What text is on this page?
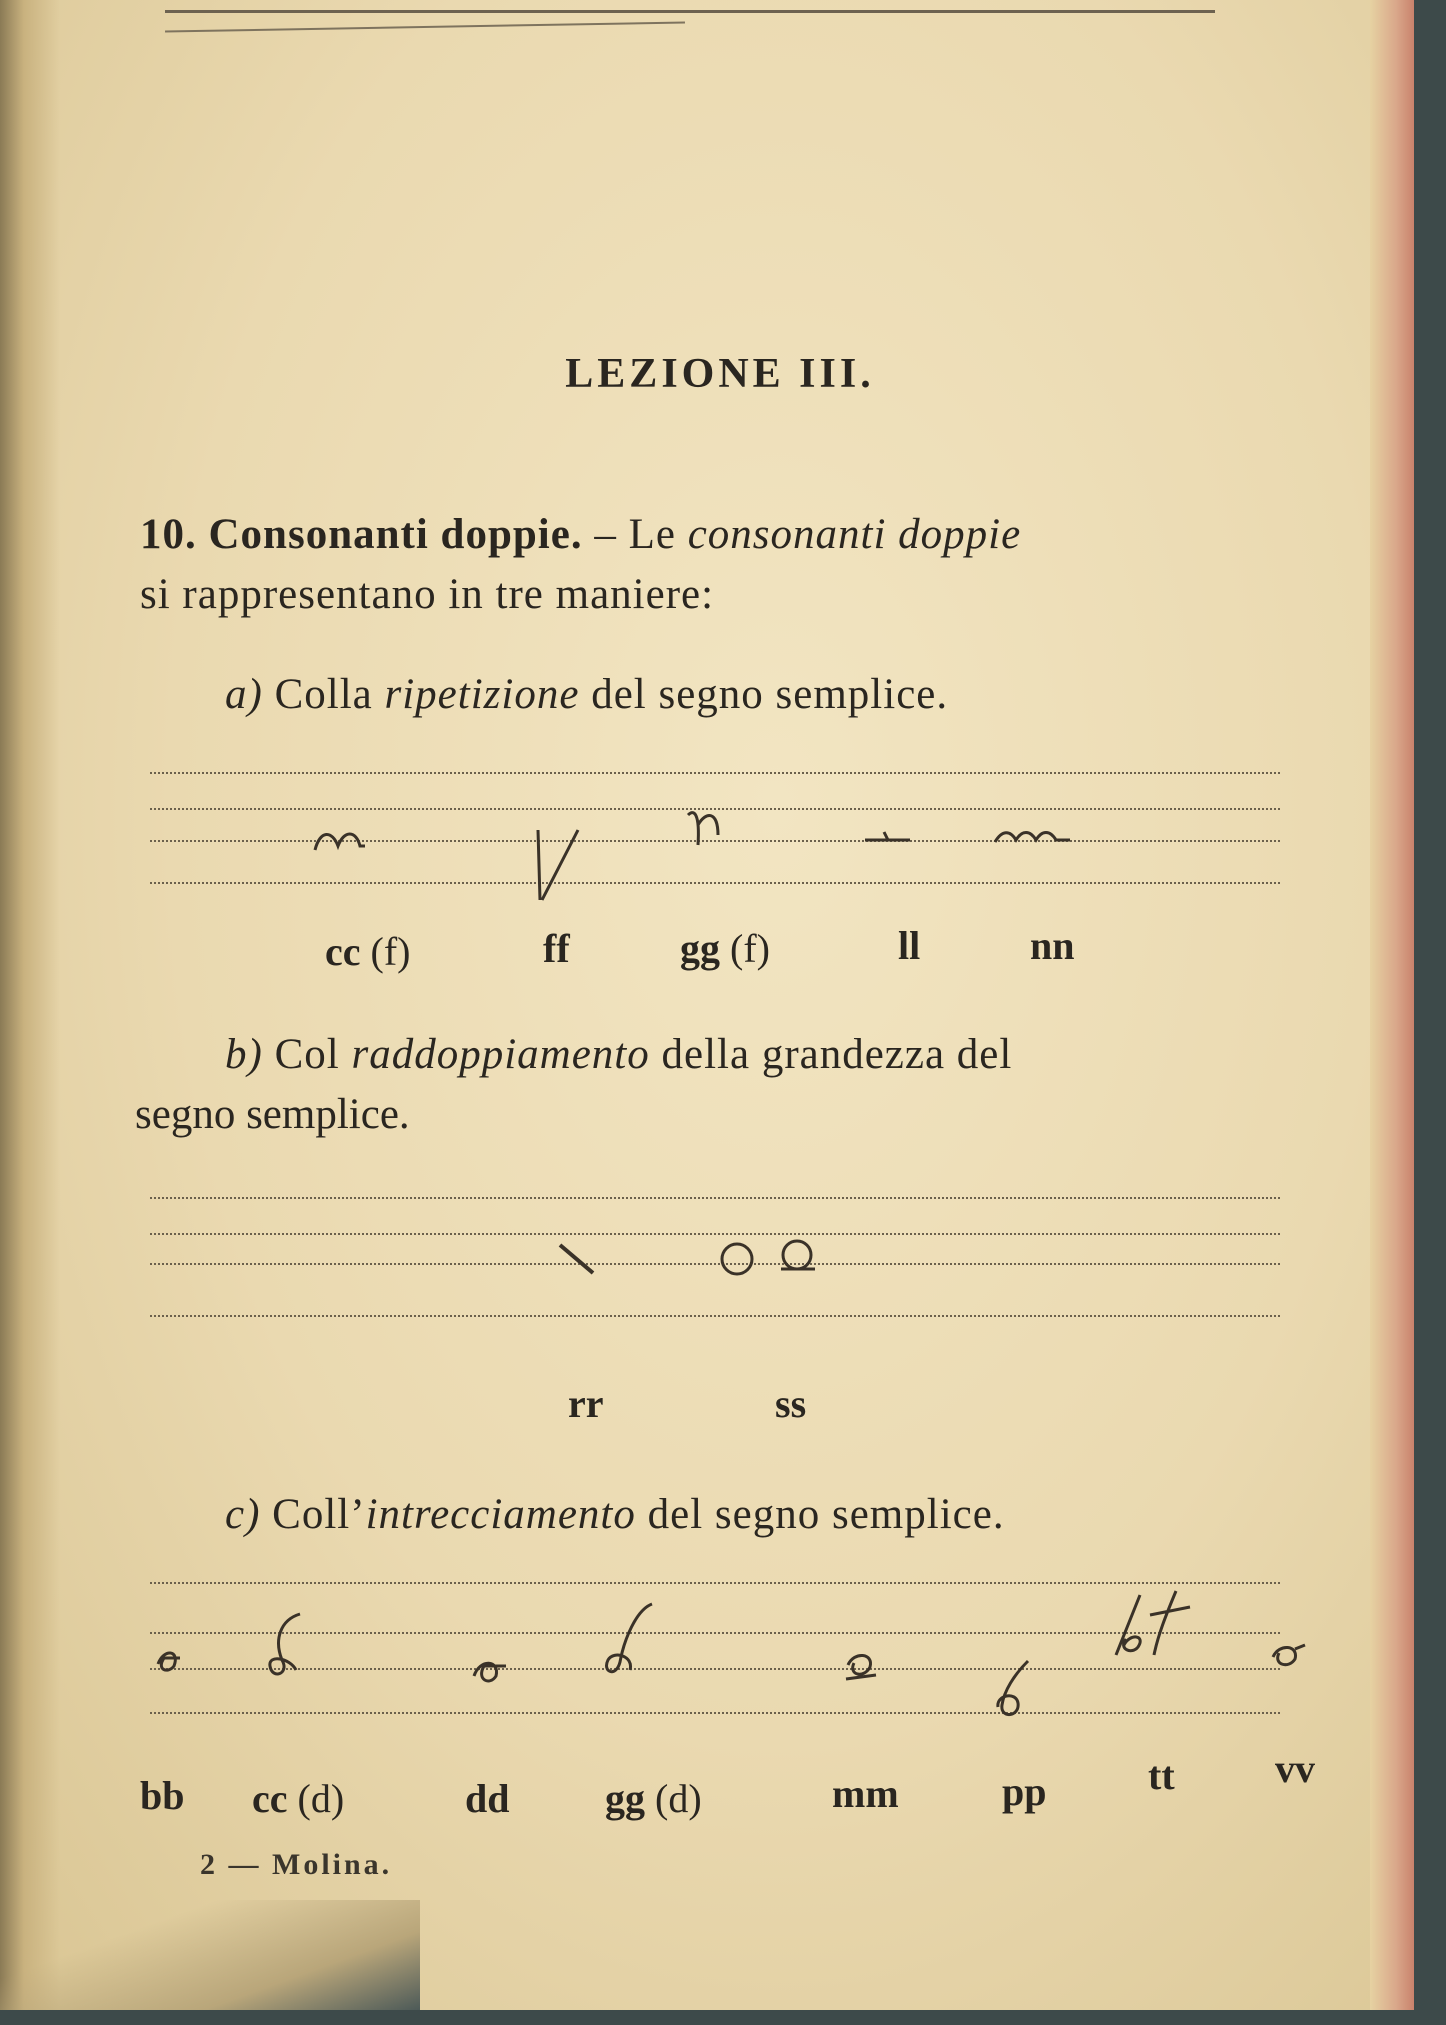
LEZIONE III.
10. Consonanti doppie. – Le consonanti doppie
si rappresentano in tre maniere:
a) Colla ripetizione del segno semplice.
cc (f)	ff	gg (f)	ll	nn
b) Col raddoppiamento della grandezza del
segno semplice.
rr	ss
c) Coll’intrecciamento del segno semplice.
bb cc (d)	dd gg (d)	mm	pp	tt	vv
2 — Molina.
